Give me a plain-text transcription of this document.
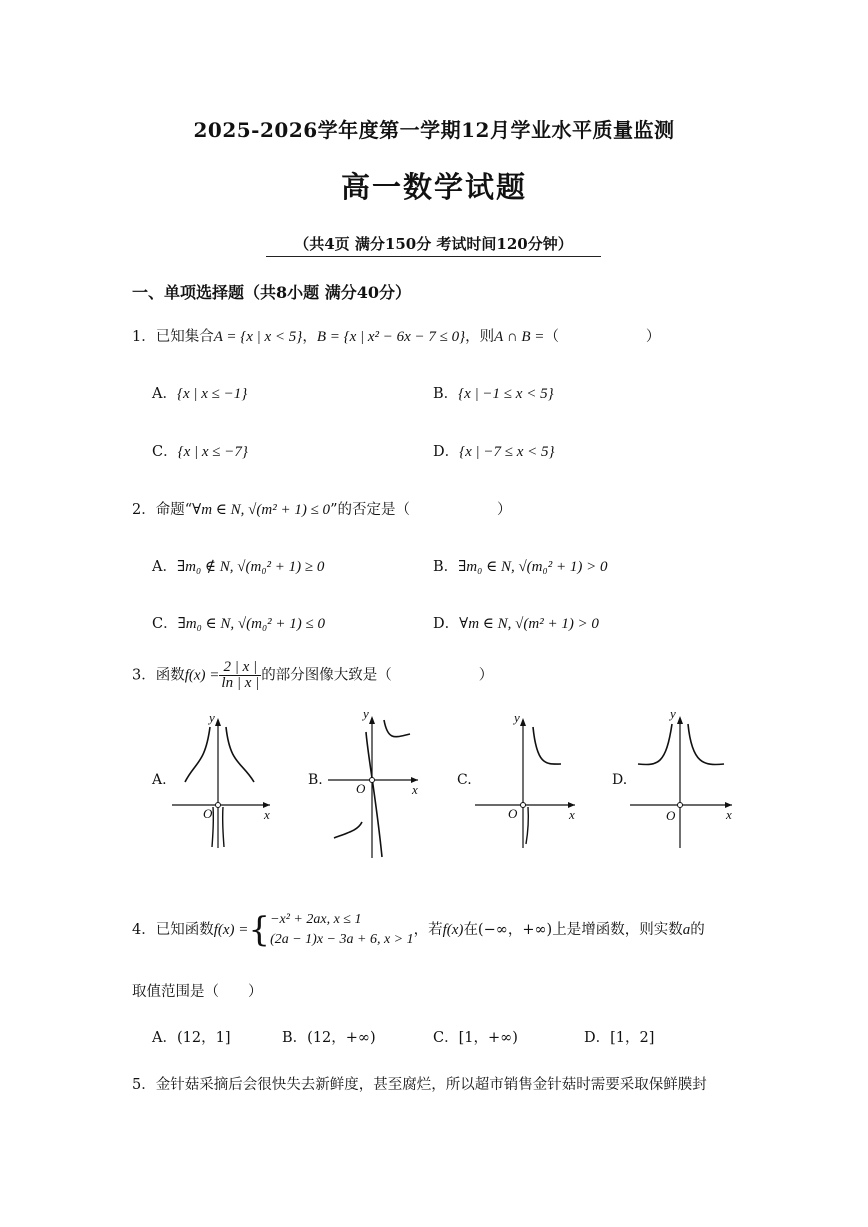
2025-2026学年度第一学期12月学业水平质量监测
高一数学试题
（共4页 满分150分 考试时间120分钟）
一、单项选择题（共8小题 满分40分）
1．已知集合A = {x | x < 5}，B = {x | x² − 6x − 7 ≤ 0}，则A ∩ B =（　　　　　　）
A．{x | x ≤ −1}	B．{x | −1 ≤ x < 5}
C．{x | x ≤ −7}	D．{x | −7 ≤ x < 5}
2．命题“∀m ∈ N, √(m² + 1) ≤ 0”的否定是（　　　　　　）
A．∃m₀ ∉ N, √(m₀² + 1) ≥ 0	B．∃m₀ ∈ N, √(m₀² + 1) > 0
C．∃m₀ ∈ N, √(m₀² + 1) ≤ 0	D．∀m ∈ N, √(m² + 1) > 0
3．函数$f(x) = \frac{2 | x |}{\ln | x |}$ 的部分图像大致是（　　　　　　）
A.
y
x
O
B.
y
x
O
C.
y
x
O
D.
y
x
O
4．已知函数f(x) ={ −x² + 2ax, x ≤ 1
(2a − 1)x − 3a + 6, x > 1
，若f(x)在(−∞，+∞)上是增函数，则实数a的
取值范围是（　　）
A．(12，1]	B．(12，+∞)	C．[1，+∞)	D．[1，2]
5．金针菇采摘后会很快失去新鲜度，甚至腐烂，所以超市销售金针菇时需要采取保鲜膜封
